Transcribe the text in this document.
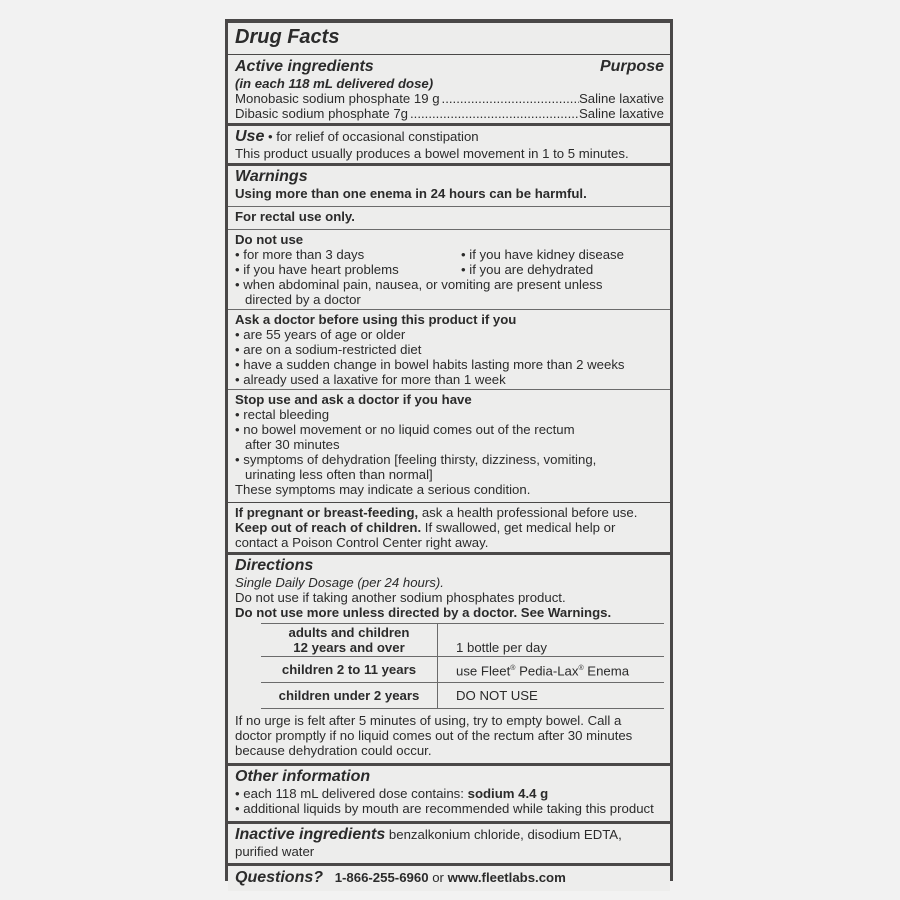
Drug Facts
Active ingredients	Purpose
(in each 118 mL delivered dose)
Monobasic sodium phosphate 19 g .....	Saline laxative
Dibasic sodium phosphate 7g .....	Saline laxative
Use • for relief of occasional constipation
This product usually produces a bowel movement in 1 to 5 minutes.
Warnings
Using more than one enema in 24 hours can be harmful.
For rectal use only.
Do not use
• for more than 3 days	• if you have kidney disease
• if you have heart problems	• if you are dehydrated
• when abdominal pain, nausea, or vomiting are present unless
directed by a doctor
Ask a doctor before using this product if you
• are 55 years of age or older
• are on a sodium-restricted diet
• have a sudden change in bowel habits lasting more than 2 weeks
• already used a laxative for more than 1 week
Stop use and ask a doctor if you have
• rectal bleeding
• no bowel movement or no liquid comes out of the rectum
after 30 minutes
• symptoms of dehydration [feeling thirsty, dizziness, vomiting,
urinating less often than normal]
These symptoms may indicate a serious condition.
If pregnant or breast-feeding, ask a health professional before use.
Keep out of reach of children. If swallowed, get medical help or
contact a Poison Control Center right away.
Directions
Single Daily Dosage (per 24 hours).
Do not use if taking another sodium phosphates product.
Do not use more unless directed by a doctor. See Warnings.
adults and children
12 years and over	1 bottle per day
children 2 to 11 years	use Fleet® Pedia-Lax® Enema
children under 2 years	DO NOT USE
If no urge is felt after 5 minutes of using, try to empty bowel. Call a
doctor promptly if no liquid comes out of the rectum after 30 minutes
because dehydration could occur.
Other information
• each 118 mL delivered dose contains: sodium 4.4 g
• additional liquids by mouth are recommended while taking this product
Inactive ingredients benzalkonium chloride, disodium EDTA,
purified water
Questions? 1-866-255-6960 or www.fleetlabs.com
